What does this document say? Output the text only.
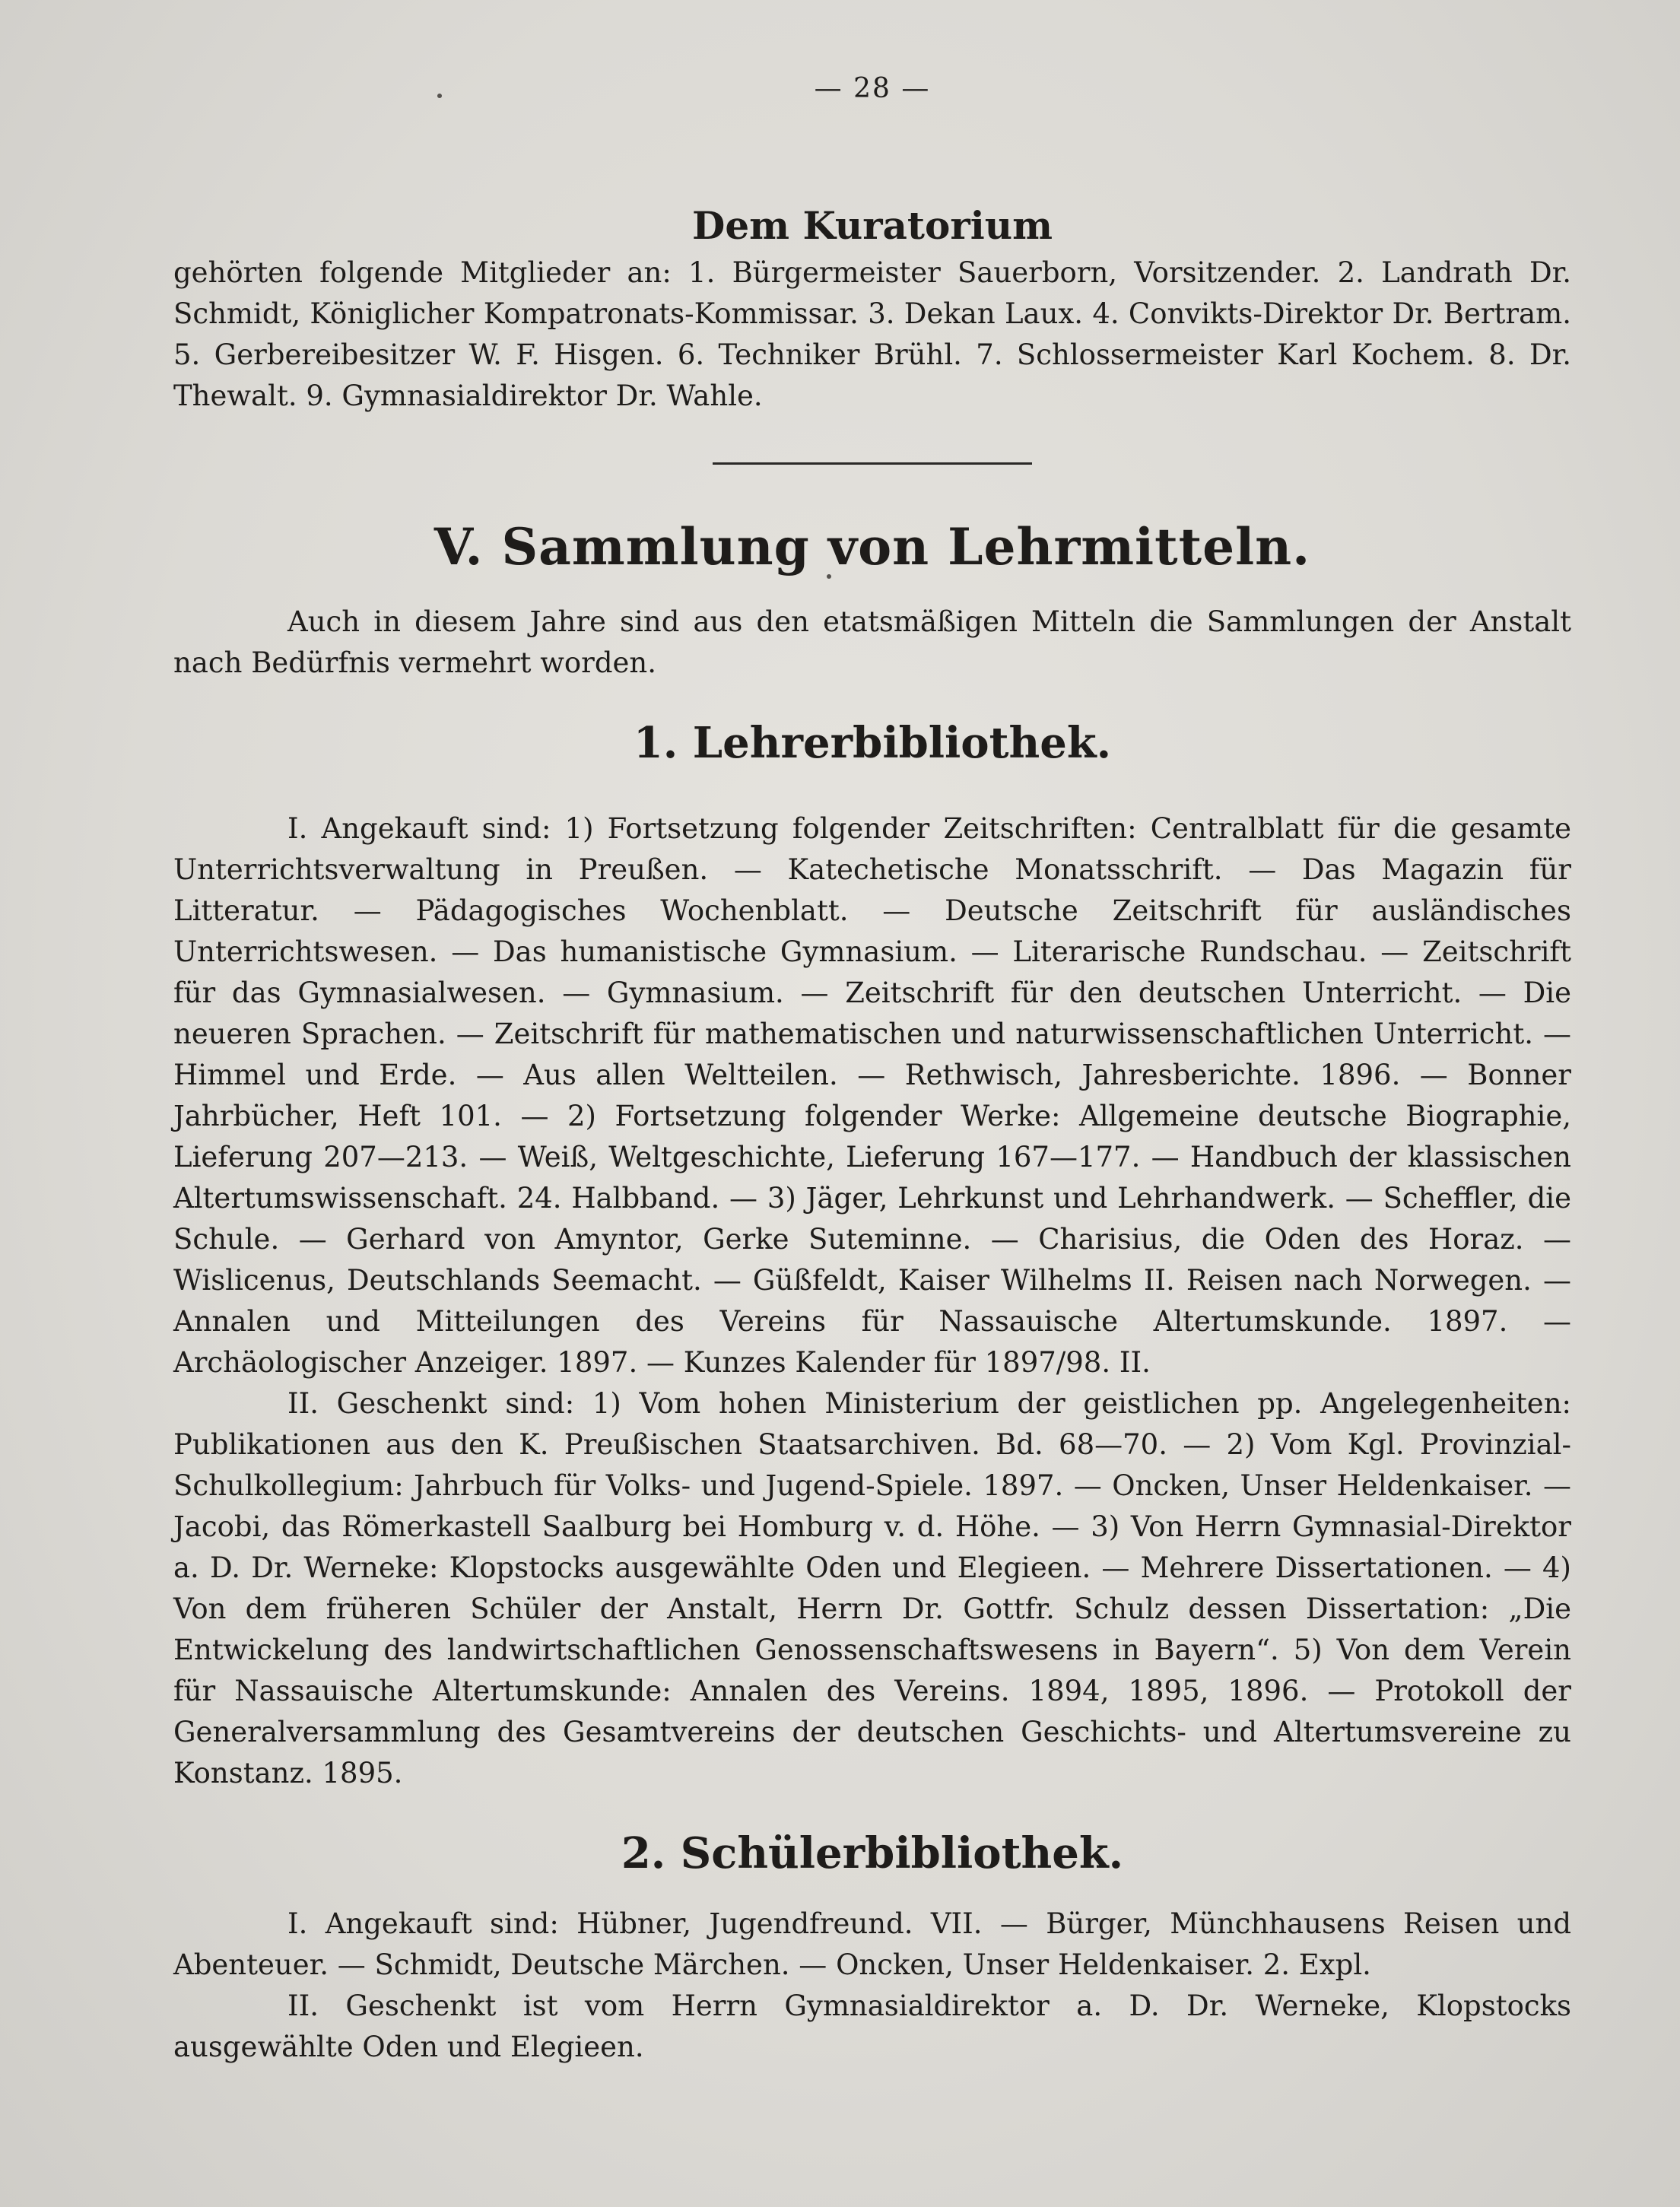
— 28 —
Dem Kuratorium

gehörten folgende Mitglieder an: 1. Bürgermeister Sauerborn, Vorsitzender. 2. Landrath Dr. Schmidt, Königlicher Kompatronats-Kommissar. 3. Dekan Laux. 4. Convikts-Direktor Dr. Bertram. 5. Gerbereibesitzer W. F. Hisgen. 6. Techniker Brühl. 7. Schlossermeister Karl Kochem. 8. Dr. Thewalt. 9. Gymnasialdirektor Dr. Wahle.

V. Sammlung von Lehrmitteln.

Auch in diesem Jahre sind aus den etatsmäßigen Mitteln die Sammlungen der Anstalt nach Bedürfnis vermehrt worden.

1. Lehrerbibliothek.

I. Angekauft sind: 1) Fortsetzung folgender Zeitschriften: Centralblatt für die gesamte Unterrichtsverwaltung in Preußen. — Katechetische Monatsschrift. — Das Magazin für Litteratur. — Pädagogisches Wochenblatt. — Deutsche Zeitschrift für ausländisches Unterrichtswesen. — Das humanistische Gymnasium. — Literarische Rundschau. — Zeitschrift für das Gymnasialwesen. — Gymnasium. — Zeitschrift für den deutschen Unterricht. — Die neueren Sprachen. — Zeitschrift für mathematischen und naturwissenschaftlichen Unterricht. — Himmel und Erde. — Aus allen Weltteilen. — Rethwisch, Jahresberichte. 1896. — Bonner Jahrbücher, Heft 101. — 2) Fortsetzung folgender Werke: Allgemeine deutsche Biographie, Lieferung 207—213. — Weiß, Weltgeschichte, Lieferung 167—177. — Handbuch der klassischen Altertumswissenschaft. 24. Halbband. — 3) Jäger, Lehrkunst und Lehrhandwerk. — Scheffler, die Schule. — Gerhard von Amyntor, Gerke Suteminne. — Charisius, die Oden des Horaz. — Wislicenus, Deutschlands Seemacht. — Güßfeldt, Kaiser Wilhelms II. Reisen nach Norwegen. — Annalen und Mitteilungen des Vereins für Nassauische Altertumskunde. 1897. — Archäologischer Anzeiger. 1897. — Kunzes Kalender für 1897/98. II.

II. Geschenkt sind: 1) Vom hohen Ministerium der geistlichen pp. Angelegenheiten: Publikationen aus den K. Preußischen Staatsarchiven. Bd. 68—70. — 2) Vom Kgl. Provinzial-Schulkollegium: Jahrbuch für Volks- und Jugend-Spiele. 1897. — Oncken, Unser Heldenkaiser. — Jacobi, das Römerkastell Saalburg bei Homburg v. d. Höhe. — 3) Von Herrn Gymnasial-Direktor a. D. Dr. Werneke: Klopstocks ausgewählte Oden und Elegieen. — Mehrere Dissertationen. — 4) Von dem früheren Schüler der Anstalt, Herrn Dr. Gottfr. Schulz dessen Dissertation: „Die Entwickelung des landwirtschaftlichen Genossenschaftswesens in Bayern“. 5) Von dem Verein für Nassauische Altertumskunde: Annalen des Vereins. 1894, 1895, 1896. — Protokoll der Generalversammlung des Gesamtvereins der deutschen Geschichts- und Altertumsvereine zu Konstanz. 1895.

2. Schülerbibliothek.

I. Angekauft sind: Hübner, Jugendfreund. VII. — Bürger, Münchhausens Reisen und Abenteuer. — Schmidt, Deutsche Märchen. — Oncken, Unser Heldenkaiser. 2. Expl.

II. Geschenkt ist vom Herrn Gymnasialdirektor a. D. Dr. Werneke, Klopstocks ausgewählte Oden und Elegieen.
